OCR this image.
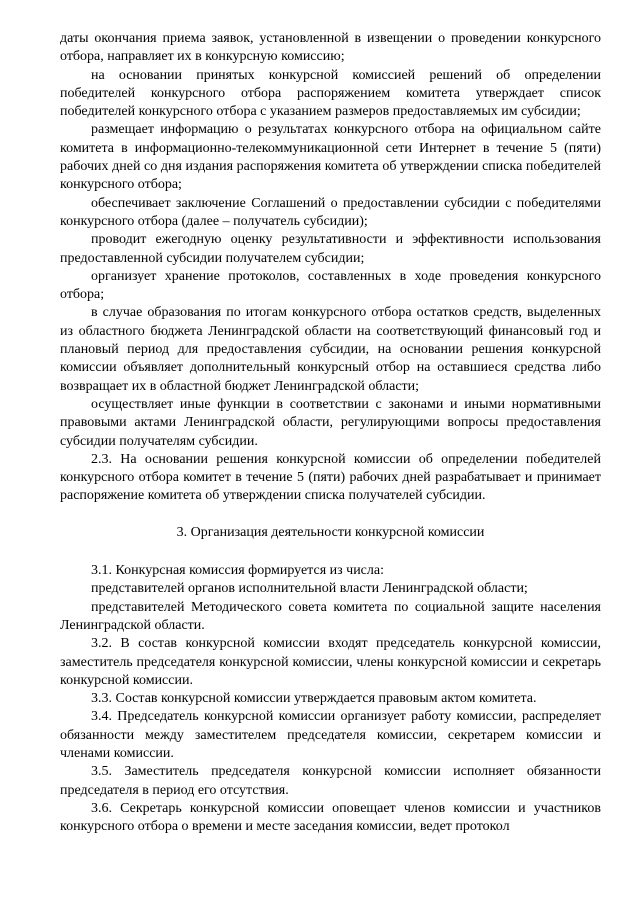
даты окончания приема заявок, установленной в извещении о проведении конкурсного отбора, направляет их в конкурсную комиссию;

на основании принятых конкурсной комиссией решений об определении победителей конкурсного отбора распоряжением комитета утверждает список победителей конкурсного отбора с указанием размеров предоставляемых им субсидии;

размещает информацию о результатах конкурсного отбора на официальном сайте комитета в информационно-телекоммуникационной сети Интернет в течение 5 (пяти) рабочих дней со дня издания распоряжения комитета об утверждении списка победителей конкурсного отбора;

обеспечивает заключение Соглашений о предоставлении субсидии с победителями конкурсного отбора (далее – получатель субсидии);

проводит ежегодную оценку результативности и эффективности использования предоставленной субсидии получателем субсидии;

организует хранение протоколов, составленных в ходе проведения конкурсного отбора;

в случае образования по итогам конкурсного отбора остатков средств, выделенных из областного бюджета Ленинградской области на соответствующий финансовый год и плановый период для предоставления субсидии, на основании решения конкурсной комиссии объявляет дополнительный конкурсный отбор на оставшиеся средства либо возвращает их в областной бюджет Ленинградской области;

осуществляет иные функции в соответствии с законами и иными нормативными правовыми актами Ленинградской области, регулирующими вопросы предоставления субсидии получателям субсидии.

2.3. На основании решения конкурсной комиссии об определении победителей конкурсного отбора комитет в течение 5 (пяти) рабочих дней разрабатывает и принимает распоряжение комитета об утверждении списка получателей субсидии.

3. Организация деятельности конкурсной комиссии

3.1. Конкурсная комиссия формируется из числа:

представителей органов исполнительной власти Ленинградской области;

представителей Методического совета комитета по социальной защите населения Ленинградской области.

3.2. В состав конкурсной комиссии входят председатель конкурсной комиссии, заместитель председателя конкурсной комиссии, члены конкурсной комиссии и секретарь конкурсной комиссии.

3.3. Состав конкурсной комиссии утверждается правовым актом комитета.

3.4. Председатель конкурсной комиссии организует работу комиссии, распределяет обязанности между заместителем председателя комиссии, секретарем комиссии и членами комиссии.

3.5. Заместитель председателя конкурсной комиссии исполняет обязанности председателя в период его отсутствия.

3.6. Секретарь конкурсной комиссии оповещает членов комиссии и участников конкурсного отбора о времени и месте заседания комиссии, ведет протокол
